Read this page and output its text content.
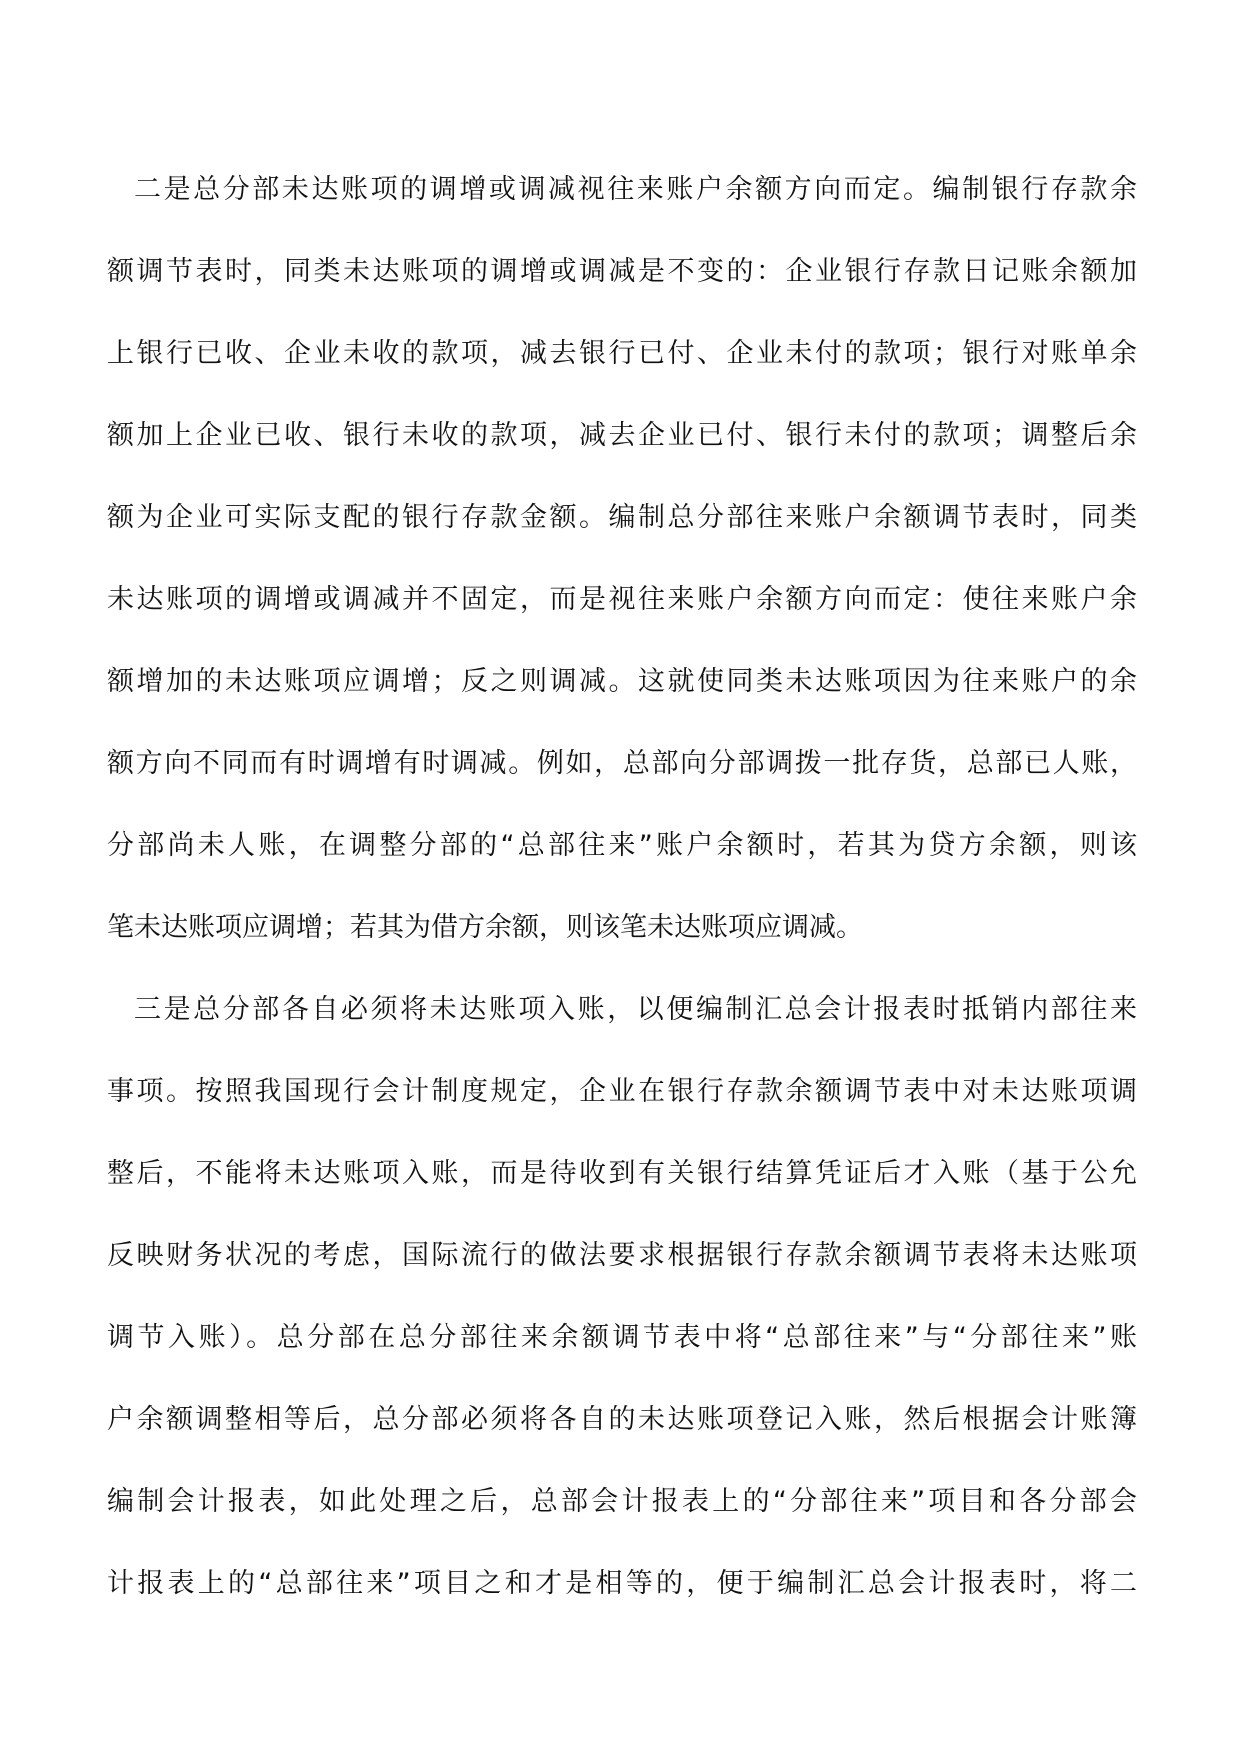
二是总分部未达账项的调增或调减视往来账户余额方向而定。编制银行存款余
额调节表时，同类未达账项的调增或调减是不变的：企业银行存款日记账余额加
上银行已收、企业未收的款项，减去银行已付、企业未付的款项；银行对账单余
额加上企业已收、银行未收的款项，减去企业已付、银行未付的款项；调整后余
额为企业可实际支配的银行存款金额。编制总分部往来账户余额调节表时，同类
未达账项的调增或调减并不固定，而是视往来账户余额方向而定：使往来账户余
额增加的未达账项应调增；反之则调减。这就使同类未达账项因为往来账户的余
额方向不同而有时调增有时调减。例如，总部向分部调拨一批存货，总部已人账，
分部尚未人账，在调整分部的“总部往来”账户余额时，若其为贷方余额，则该
笔未达账项应调增；若其为借方余额，则该笔未达账项应调减。
三是总分部各自必须将未达账项入账，以便编制汇总会计报表时抵销内部往来
事项。按照我国现行会计制度规定，企业在银行存款余额调节表中对未达账项调
整后，不能将未达账项入账，而是待收到有关银行结算凭证后才入账（基于公允
反映财务状况的考虑，国际流行的做法要求根据银行存款余额调节表将未达账项
调节入账）。总分部在总分部往来余额调节表中将“总部往来”与“分部往来”账
户余额调整相等后，总分部必须将各自的未达账项登记入账，然后根据会计账簿
编制会计报表，如此处理之后，总部会计报表上的“分部往来”项目和各分部会
计报表上的“总部往来”项目之和才是相等的，便于编制汇总会计报表时，将二
